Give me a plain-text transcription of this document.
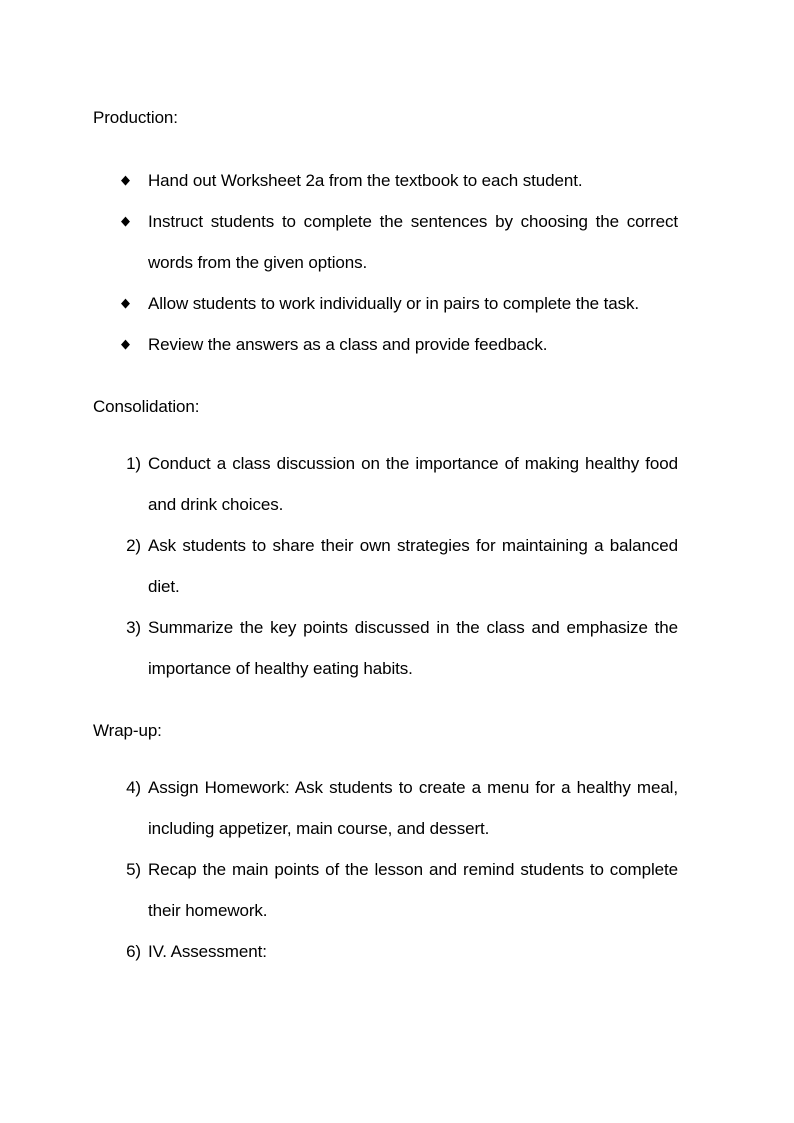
Production:

◆ Hand out Worksheet 2a from the textbook to each student.
◆ Instruct students to complete the sentences by choosing the correct words from the given options.
◆ Allow students to work individually or in pairs to complete the task.
◆ Review the answers as a class and provide feedback.

Consolidation:

1) Conduct a class discussion on the importance of making healthy food and drink choices.
2) Ask students to share their own strategies for maintaining a balanced diet.
3) Summarize the key points discussed in the class and emphasize the importance of healthy eating habits.

Wrap-up:

4) Assign Homework: Ask students to create a menu for a healthy meal, including appetizer, main course, and dessert.
5) Recap the main points of the lesson and remind students to complete their homework.
6) IV. Assessment:
